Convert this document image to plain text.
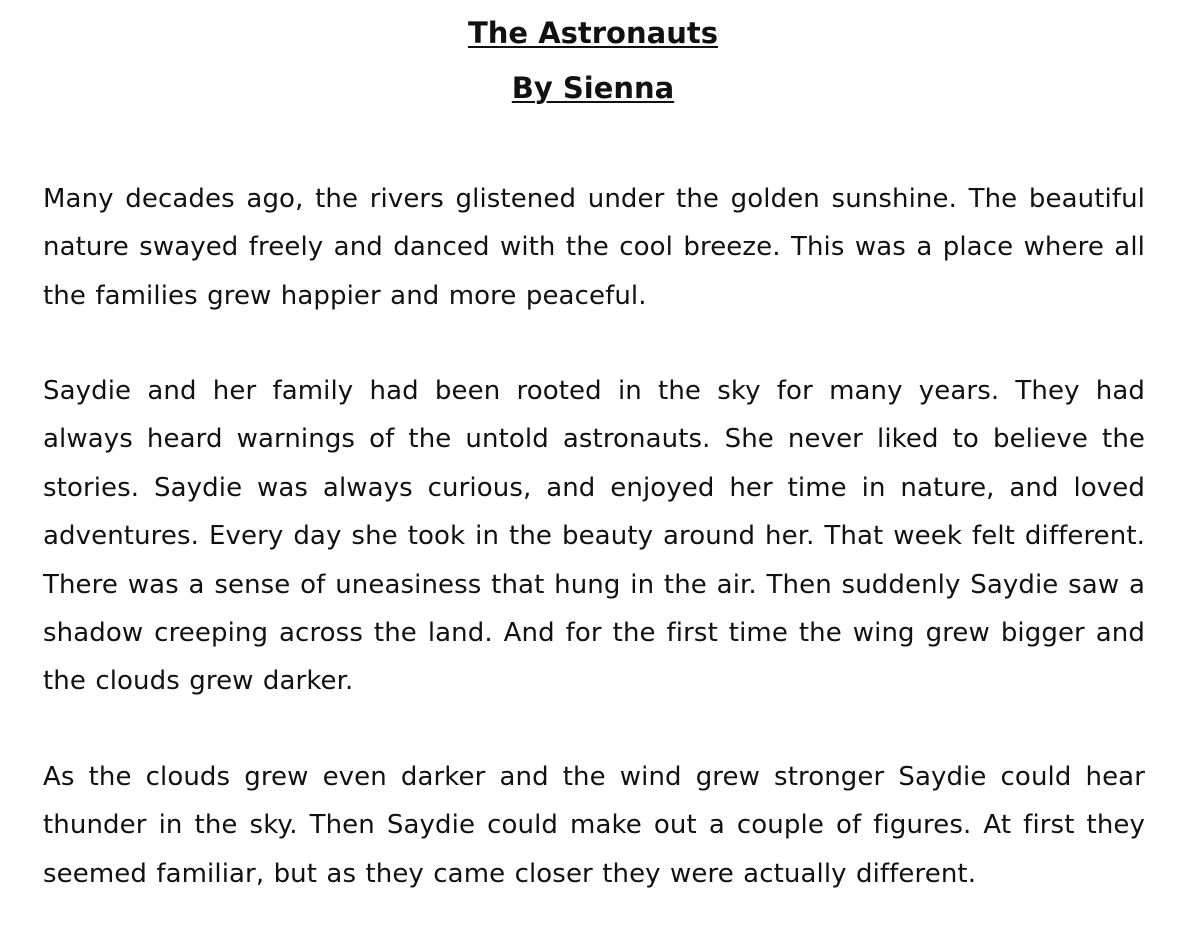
The Astronauts
By Sienna

Many decades ago, the rivers glistened under the golden sunshine. The beautiful nature swayed freely and danced with the cool breeze. This was a place where all the families grew happier and more peaceful.

Saydie and her family had been rooted in the sky for many years. They had always heard warnings of the untold astronauts. She never liked to believe the stories. Saydie was always curious, and enjoyed her time in nature, and loved adventures. Every day she took in the beauty around her. That week felt different. There was a sense of uneasiness that hung in the air. Then suddenly Saydie saw a shadow creeping across the land. And for the first time the wing grew bigger and the clouds grew darker.

As the clouds grew even darker and the wind grew stronger Saydie could hear thunder in the sky. Then Saydie could make out a couple of figures. At first they seemed familiar, but as they came closer they were actually different.
